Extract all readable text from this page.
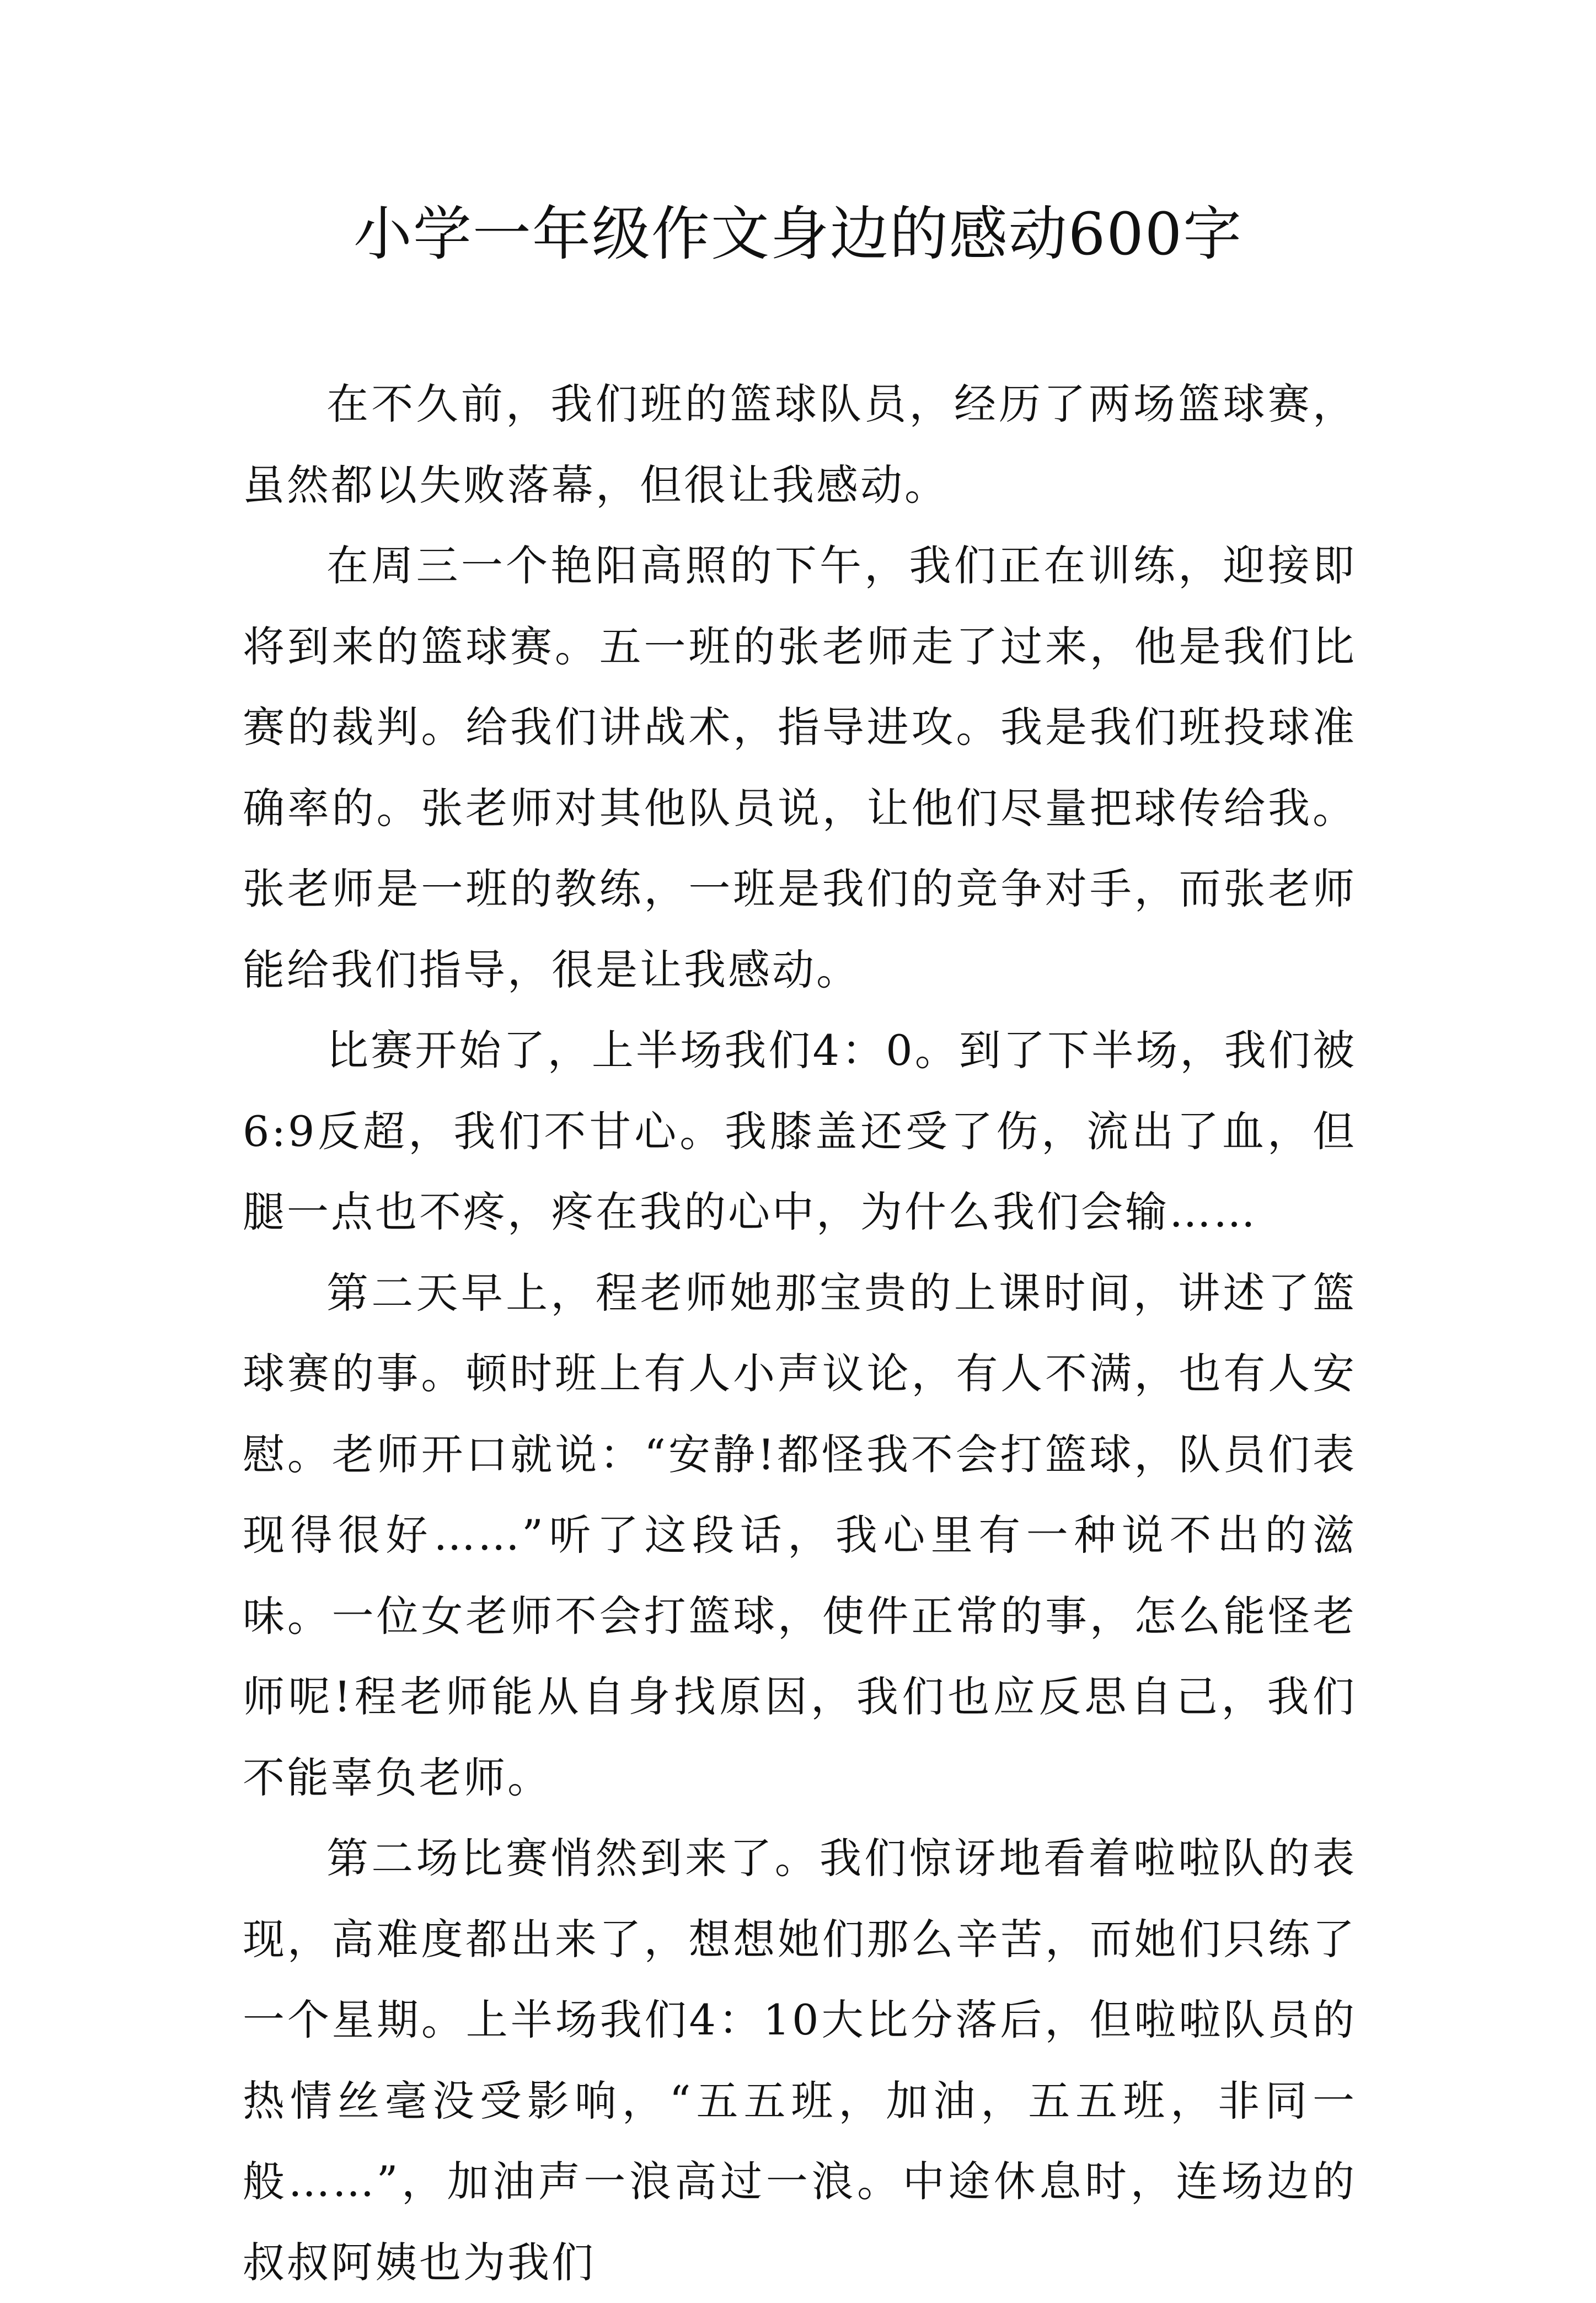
小学一年级作文身边的感动600字

在不久前，我们班的篮球队员，经历了两场篮球赛，虽然都以失败落幕，但很让我感动。

在周三一个艳阳高照的下午，我们正在训练，迎接即将到来的篮球赛。五一班的张老师走了过来，他是我们比赛的裁判。给我们讲战术，指导进攻。我是我们班投球准确率的。张老师对其他队员说，让他们尽量把球传给我。张老师是一班的教练，一班是我们的竞争对手，而张老师能给我们指导，很是让我感动。

比赛开始了，上半场我们4：0。到了下半场，我们被6:9反超，我们不甘心。我膝盖还受了伤，流出了血，但腿一点也不疼，疼在我的心中，为什么我们会输……

第二天早上，程老师她那宝贵的上课时间，讲述了篮球赛的事。顿时班上有人小声议论，有人不满，也有人安慰。老师开口就说：“安静!都怪我不会打篮球，队员们表现得很好……”听了这段话，我心里有一种说不出的滋味。一位女老师不会打篮球，使件正常的事，怎么能怪老师呢!程老师能从自身找原因，我们也应反思自己，我们不能辜负老师。

第二场比赛悄然到来了。我们惊讶地看着啦啦队的表现，高难度都出来了，想想她们那么辛苦，而她们只练了一个星期。上半场我们4：10大比分落后，但啦啦队员的热情丝毫没受影响，“五五班，加油，五五班，非同一般……”，加油声一浪高过一浪。中途休息时，连场边的叔叔阿姨也为我们
